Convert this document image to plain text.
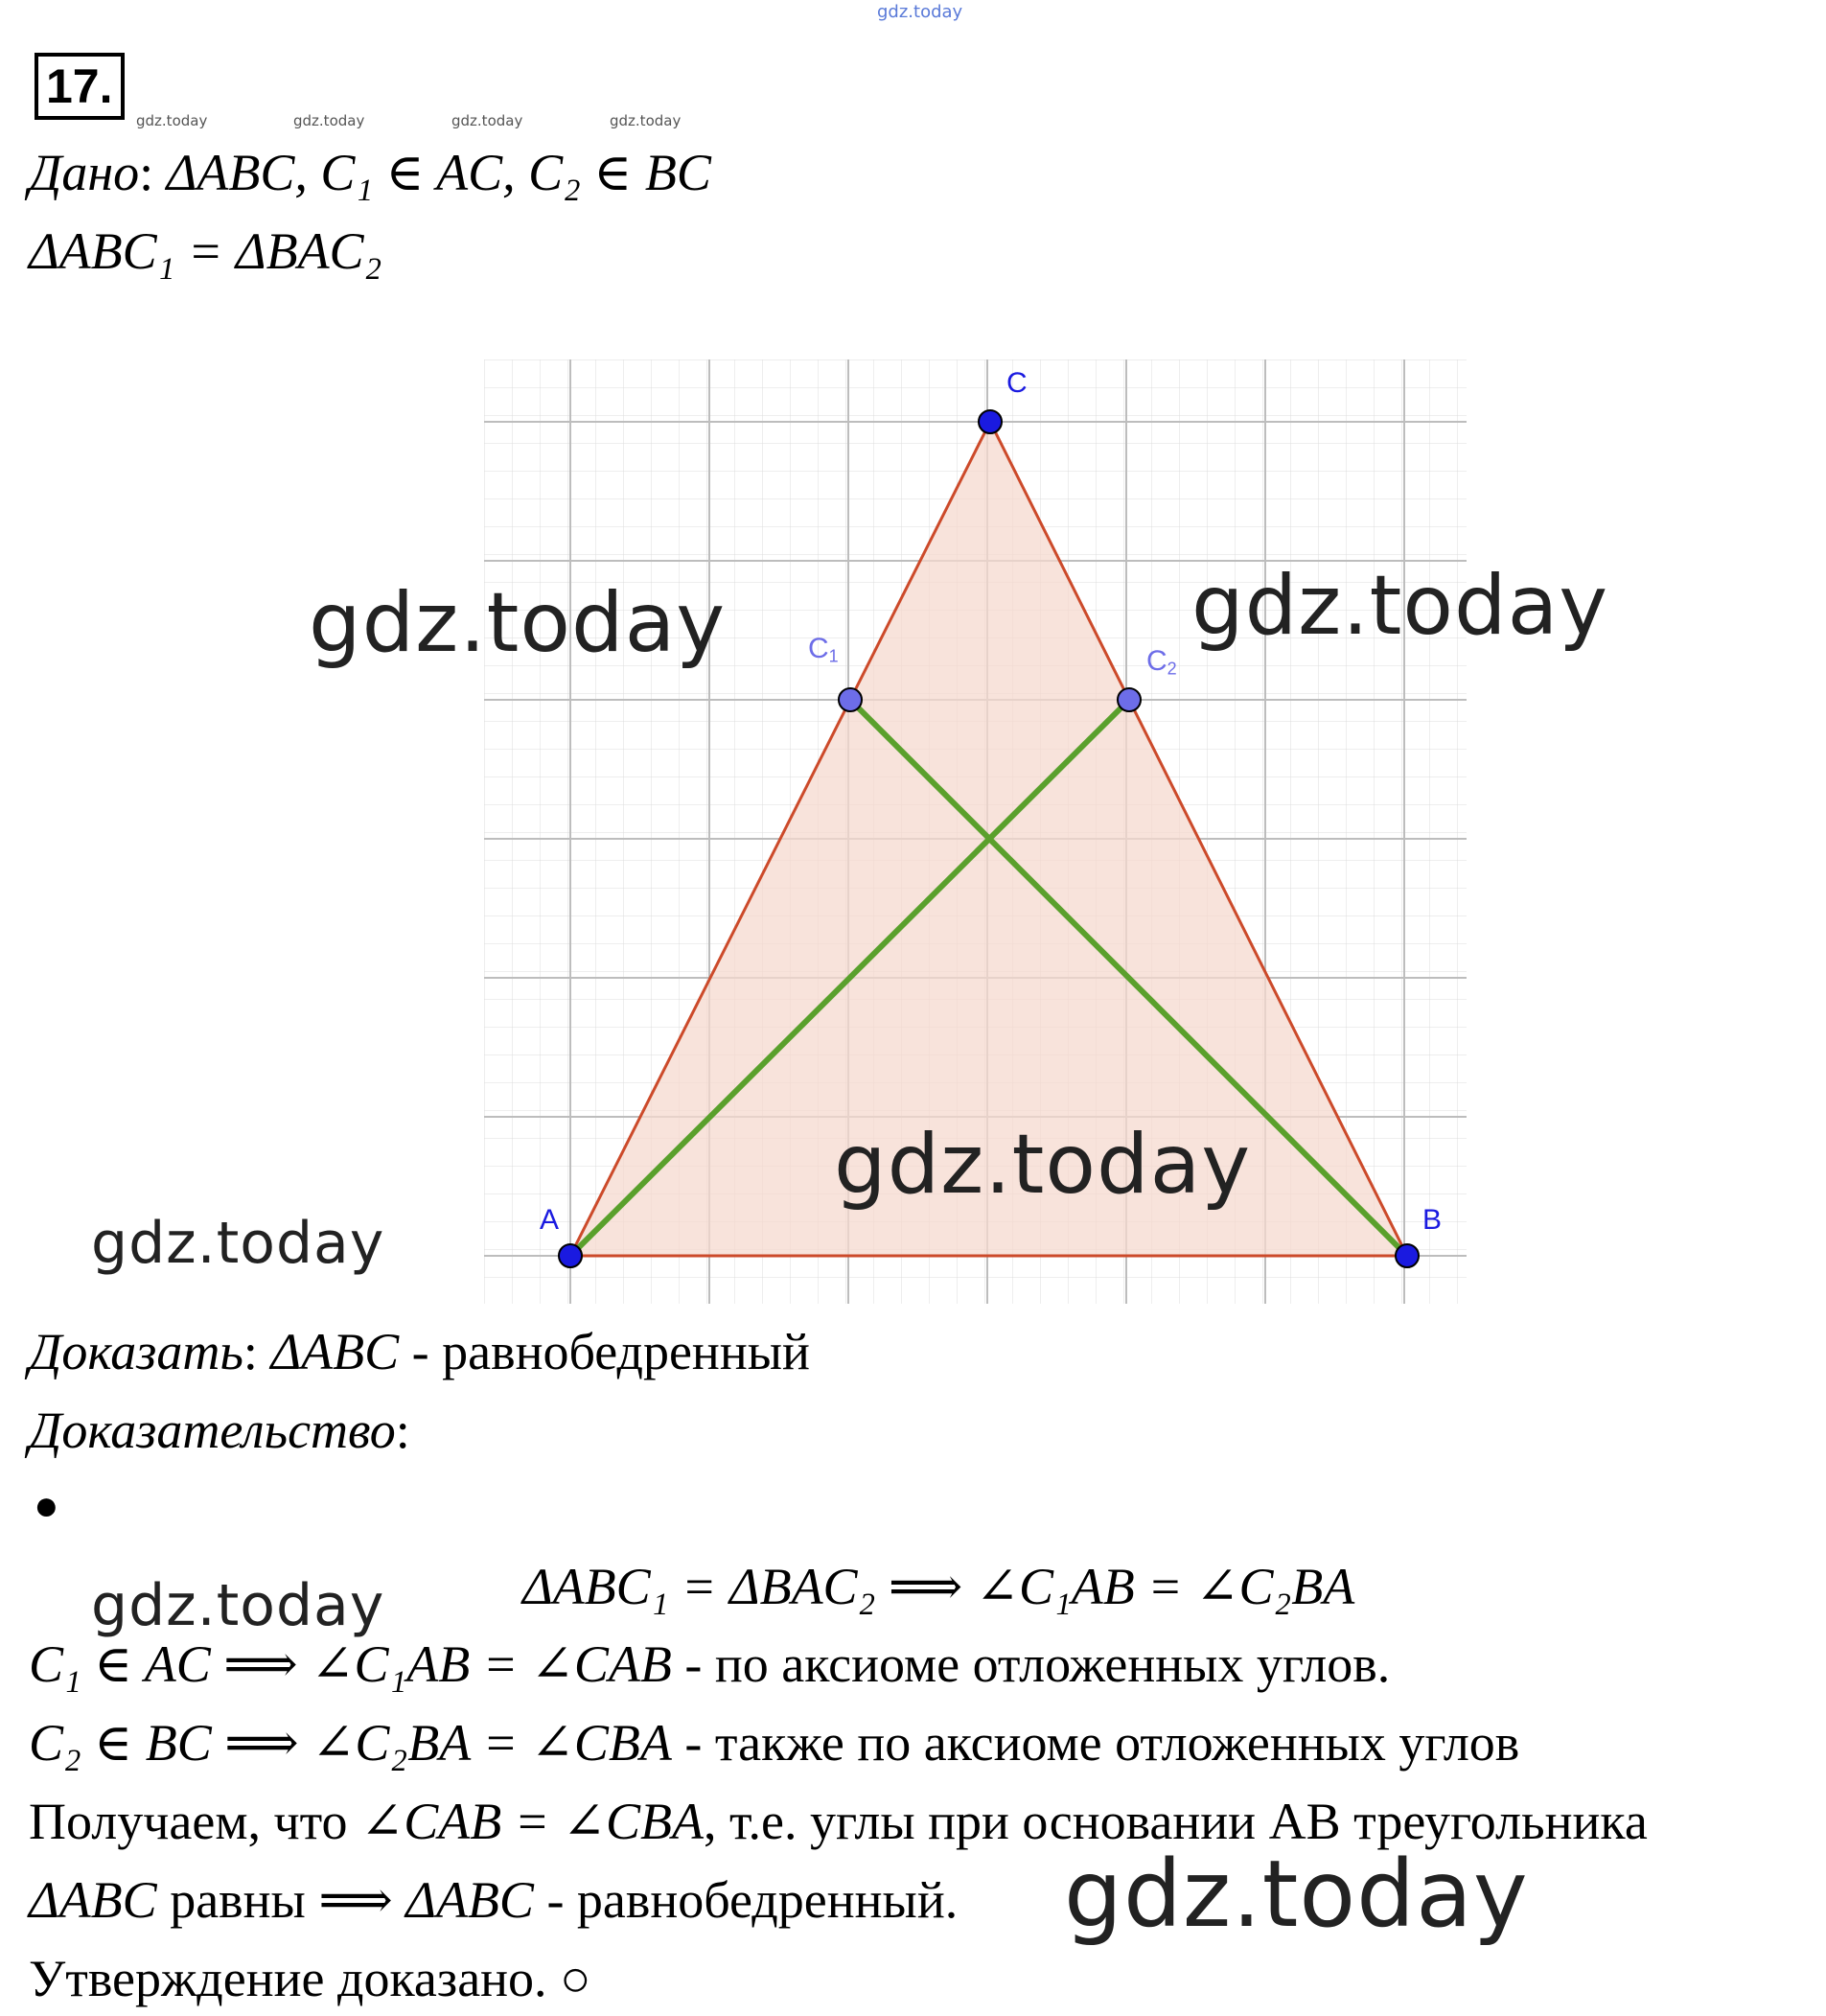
gdz.today
17.
gdz.today	gdz.today	gdz.today	gdz.today
Дано: ΔABC, C₁ ∈ AC, C₂ ∈ BC
ΔABC₁ = ΔBAC₂
A	B
C
$C_1$	$C_2$
gdz.today	gdz.today
gdz.today
gdz.today
gdz.today
gdz.today
Доказать: ΔABC - равнобедренный
Доказательство:
●
ΔABC₁ = ΔBAC₂ ⟹ ∠C₁AB = ∠C₂BA
C₁ ∈ AC ⟹ ∠C₁AB = ∠CAB - по аксиоме отложенных углов.
C₂ ∈ BC ⟹ ∠C₂BA = ∠CBA - также по аксиоме отложенных углов
Получаем, что ∠CAB = ∠CBA, т.е. углы при основании АВ треугольника
ΔABC равны ⟹ ΔABC - равнобедренный.
Утверждение доказано. ○
